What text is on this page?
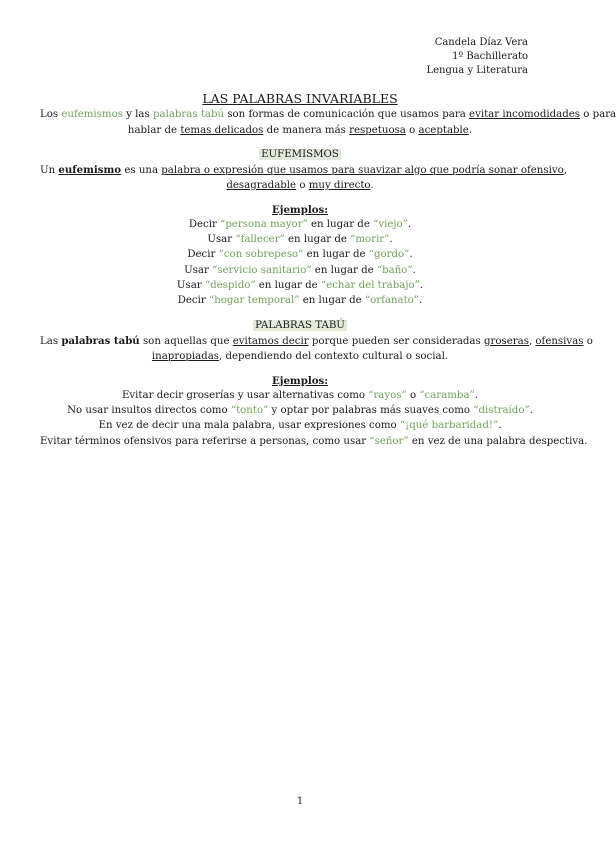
Candela Díaz Vera
1º Bachillerato
Lengua y Literatura
LAS PALABRAS INVARIABLES
Los eufemismos y las palabras tabú son formas de comunicación que usamos para evitar incomodidades o para
hablar de temas delicados de manera más respetuosa o aceptable.
EUFEMISMOS
Un eufemismo es una palabra o expresión que usamos para suavizar algo que podría sonar ofensivo,
desagradable o muy directo.
Ejemplos:
Decir “persona mayor” en lugar de “viejo”.
Usar “fallecer” en lugar de “morir”.
Decir “con sobrepeso” en lugar de “gordo”.
Usar “servicio sanitario” en lugar de “baño”.
Usar “despido” en lugar de “echar del trabajo”.
Decir “hogar temporal” en lugar de “orfanato”.
PALABRAS TABÚ
Las palabras tabú son aquellas que evitamos decir porque pueden ser consideradas groseras, ofensivas o
inapropiadas, dependiendo del contexto cultural o social.
Ejemplos:
Evitar decir groserías y usar alternativas como “rayos” o “caramba”.
No usar insultos directos como “tonto” y optar por palabras más suaves como “distraído”.
En vez de decir una mala palabra, usar expresiones como “¡qué barbaridad!”.
Evitar términos ofensivos para referirse a personas, como usar “señor” en vez de una palabra despectiva.
1
